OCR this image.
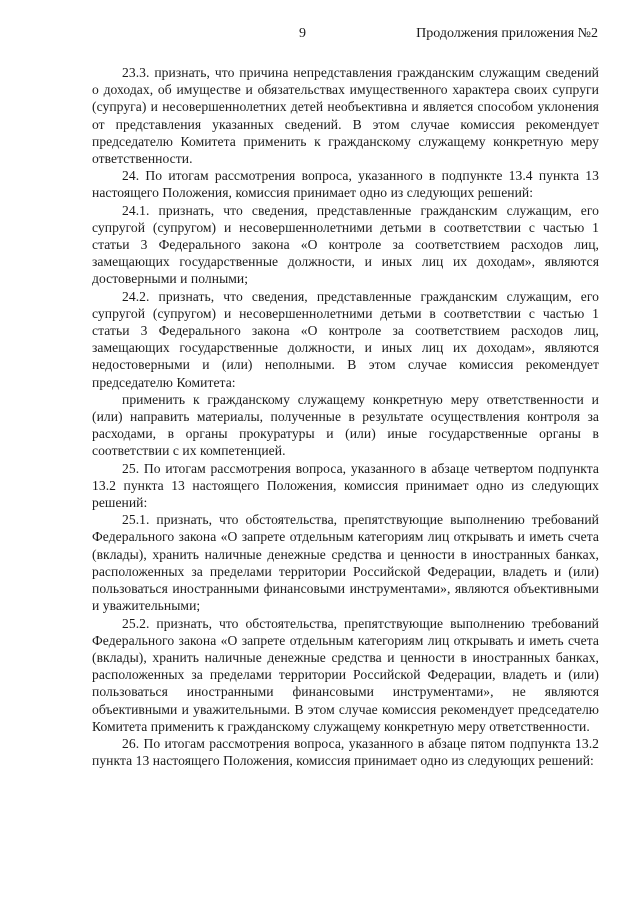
9	Продолжения приложения №2

23.3. признать, что причина непредставления гражданским служащим сведений о доходах, об имуществе и обязательствах имущественного характера своих супруги (супруга) и несовершеннолетних детей необъективна и является способом уклонения от представления указанных сведений. В этом случае комиссия рекомендует председателю Комитета применить к гражданскому служащему конкретную меру ответственности.

24. По итогам рассмотрения вопроса, указанного в подпункте 13.4 пункта 13 настоящего Положения, комиссия принимает одно из следующих решений:

24.1. признать, что сведения, представленные гражданским служащим, его супругой (супругом) и несовершеннолетними детьми в соответствии с частью 1 статьи 3 Федерального закона «О контроле за соответствием расходов лиц, замещающих государственные должности, и иных лиц их доходам», являются достоверными и полными;

24.2. признать, что сведения, представленные гражданским служащим, его супругой (супругом) и несовершеннолетними детьми в соответствии с частью 1 статьи 3 Федерального закона «О контроле за соответствием расходов лиц, замещающих государственные должности, и иных лиц их доходам», являются недостоверными и (или) неполными. В этом случае комиссия рекомендует председателю Комитета:

применить к гражданскому служащему конкретную меру ответственности и (или) направить материалы, полученные в результате осуществления контроля за расходами, в органы прокуратуры и (или) иные государственные органы в соответствии с их компетенцией.

25. По итогам рассмотрения вопроса, указанного в абзаце четвертом подпункта 13.2 пункта 13 настоящего Положения, комиссия принимает одно из следующих решений:

25.1. признать, что обстоятельства, препятствующие выполнению требований Федерального закона «О запрете отдельным категориям лиц открывать и иметь счета (вклады), хранить наличные денежные средства и ценности в иностранных банках, расположенных за пределами территории Российской Федерации, владеть и (или) пользоваться иностранными финансовыми инструментами», являются объективными и уважительными;

25.2. признать, что обстоятельства, препятствующие выполнению требований Федерального закона «О запрете отдельным категориям лиц открывать и иметь счета (вклады), хранить наличные денежные средства и ценности в иностранных банках, расположенных за пределами территории Российской Федерации, владеть и (или) пользоваться иностранными финансовыми инструментами», не являются объективными и уважительными. В этом случае комиссия рекомендует председателю Комитета применить к гражданскому служащему конкретную меру ответственности.

26. По итогам рассмотрения вопроса, указанного в абзаце пятом подпункта 13.2 пункта 13 настоящего Положения, комиссия принимает одно из следующих решений:
